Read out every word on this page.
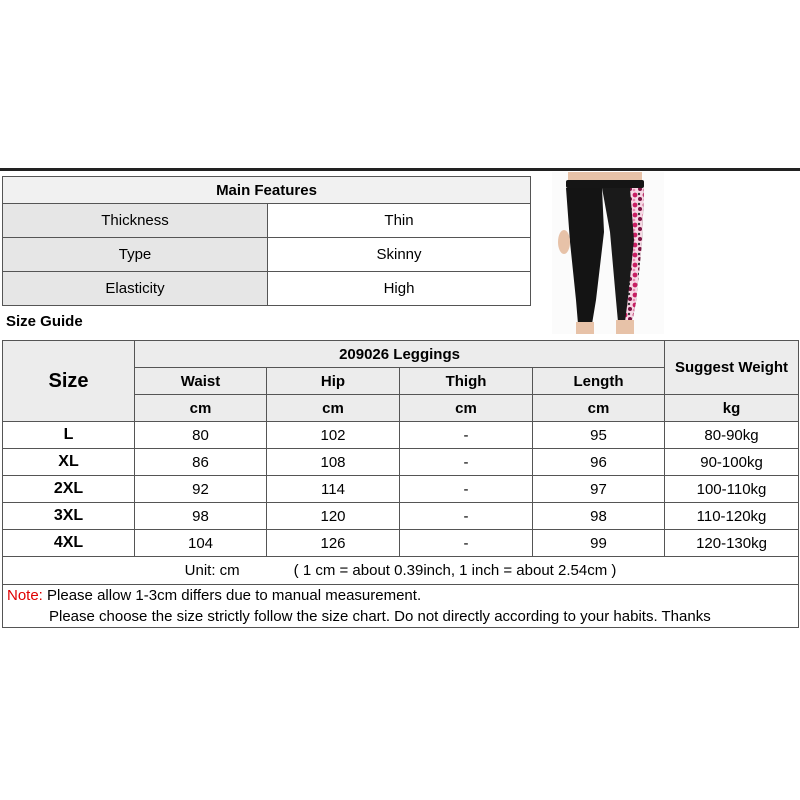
Main Features	
Thickness	Thin
Type	Skinny
Elasticity	High
Size Guide
Size	209026 Leggings				Suggest Weight
	Waist	Hip	Thigh	Length	
	cm	cm	cm	cm	kg
L	80	102	-	95	80-90kg
XL	86	108	-	96	90-100kg
2XL	92	114	-	97	100-110kg
3XL	98	120	-	98	110-120kg
4XL	104	126	-	99	120-130kg
Unit: cm ( 1 cm = about 0.39inch, 1 inch = about 2.54cm )					

Note: Please allow 1-3cm differs due to manual measurement.
Please choose the size strictly follow the size chart. Do not directly according to your habits. Thanks					
